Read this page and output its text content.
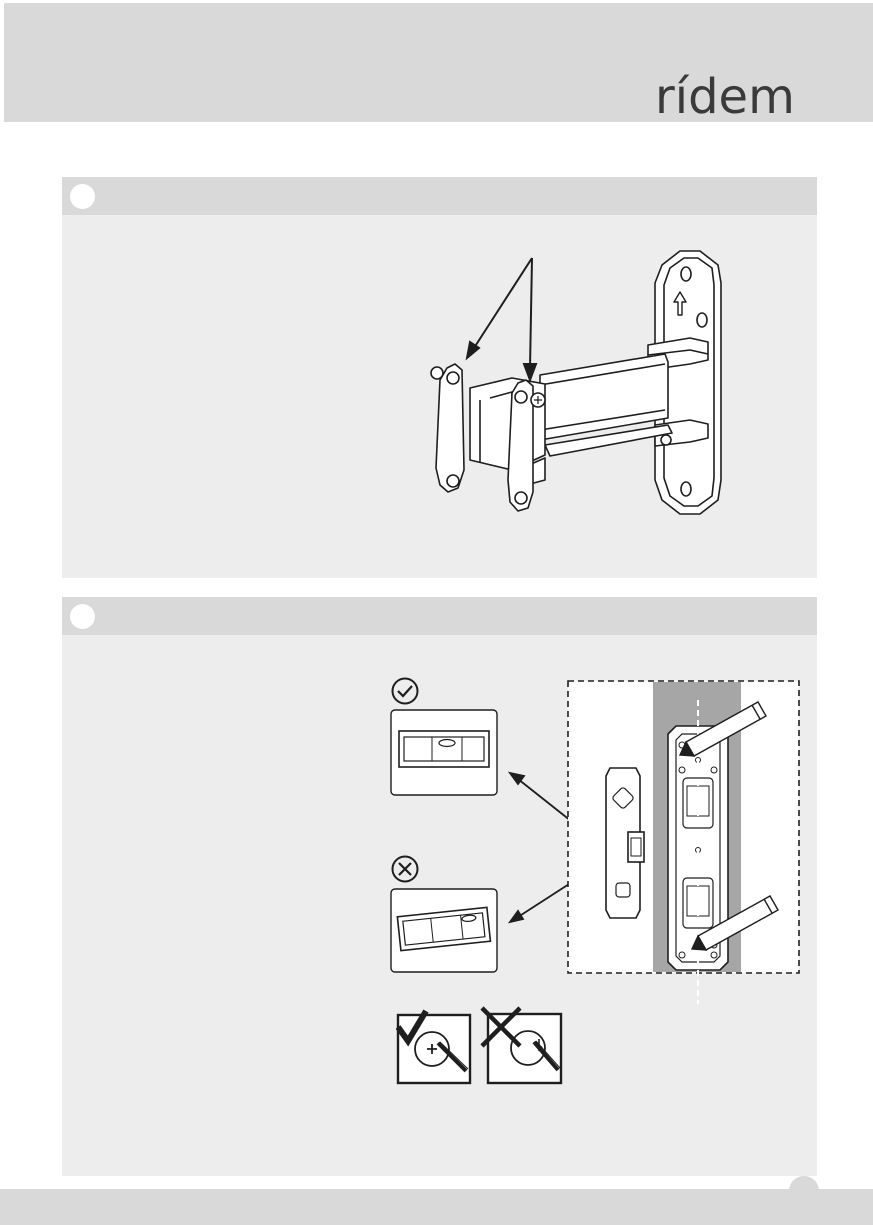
rídem
